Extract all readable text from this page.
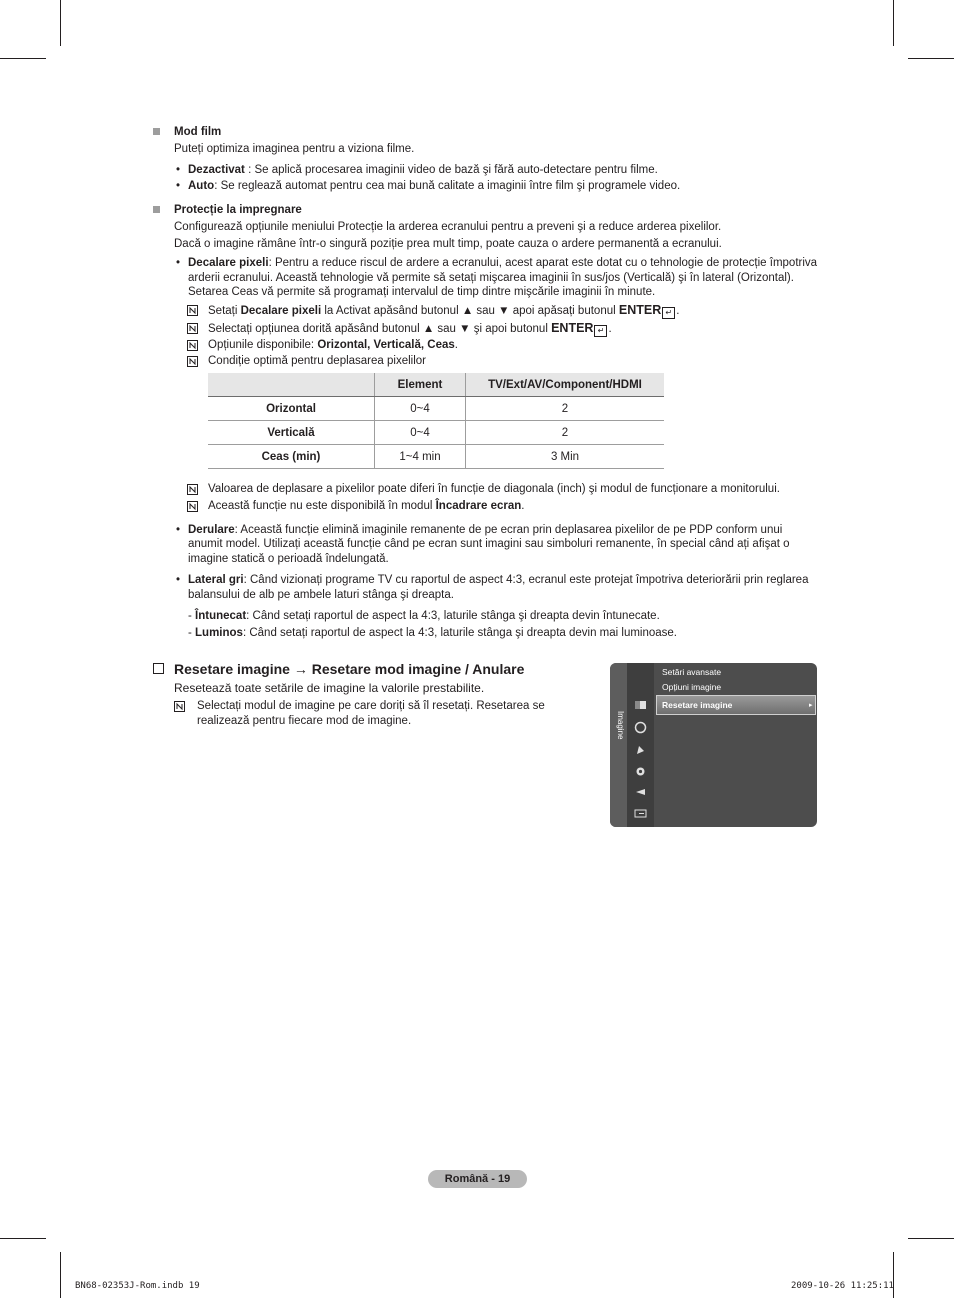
Mod film
Puteți optimiza imaginea pentru a viziona filme.
• Dezactivat : Se aplică procesarea imaginii video de bază şi fără auto-detectare pentru filme.
• Auto: Se reglează automat pentru cea mai bună calitate a imaginii între film şi programele video.
Protecție la impregnare
Configurează opțiunile meniului Protecție la arderea ecranului pentru a preveni şi a reduce arderea pixelilor.
Dacă o imagine rămâne într-o singură poziție prea mult timp, poate cauza o ardere permanentă a ecranului.
• Decalare pixeli: Pentru a reduce riscul de ardere a ecranului, acest aparat este dotat cu o tehnologie de protecție împotriva
arderii ecranului. Această tehnologie vă permite să setați mişcarea imaginii în sus/jos (Verticală) şi în lateral (Orizontal).
Setarea Ceas vă permite să programați intervalul de timp dintre mişcările imaginii în minute.
Setați Decalare pixeli la Activat apăsând butonul ▲ sau ▼ apoi apăsați butonul ENTER ↵ .
Selectați opțiunea dorită apăsând butonul ▲ sau ▼ şi apoi butonul ENTER ↵ .
Opțiunile disponibile: Orizontal, Verticală, Ceas.
Condiție optimă pentru deplasarea pixelilor
	Element	TV/Ext/AV/Component/HDMI
Orizontal	0~4	2
Verticală	0~4	2
Ceas (min)	1~4 min	3 Min
Valoarea de deplasare a pixelilor poate diferi în funcție de diagonala (inch) şi modul de funcționare a monitorului.
Această funcție nu este disponibilă în modul Încadrare ecran.
• Derulare: Această funcție elimină imaginile remanente de pe ecran prin deplasarea pixelilor de pe PDP conform unui
anumit model. Utilizați această funcție când pe ecran sunt imagini sau simboluri remanente, în special când ați afişat o
imagine statică o perioadă îndelungată.
• Lateral gri: Când vizionați programe TV cu raportul de aspect 4:3, ecranul este protejat împotriva deteriorării prin reglarea
balansului de alb pe ambele laturi stânga şi dreapta.
- Întunecat: Când setați raportul de aspect la 4:3, laturile stânga şi dreapta devin întunecate.
- Luminos: Când setați raportul de aspect la 4:3, laturile stânga şi dreapta devin mai luminoase.
Resetare imagine → Resetare mod imagine / Anulare
Resetează toate setările de imagine la valorile prestabilite.
Selectați modul de imagine pe care doriți să îl resetați. Resetarea se
realizează pentru fiecare mod de imagine.	Imagine
Setări avansate
Opțiuni imagine
Resetare imagine	▸
Română - 19
BN68-02353J-Rom.indb 19	2009-10-26 11:25:11
